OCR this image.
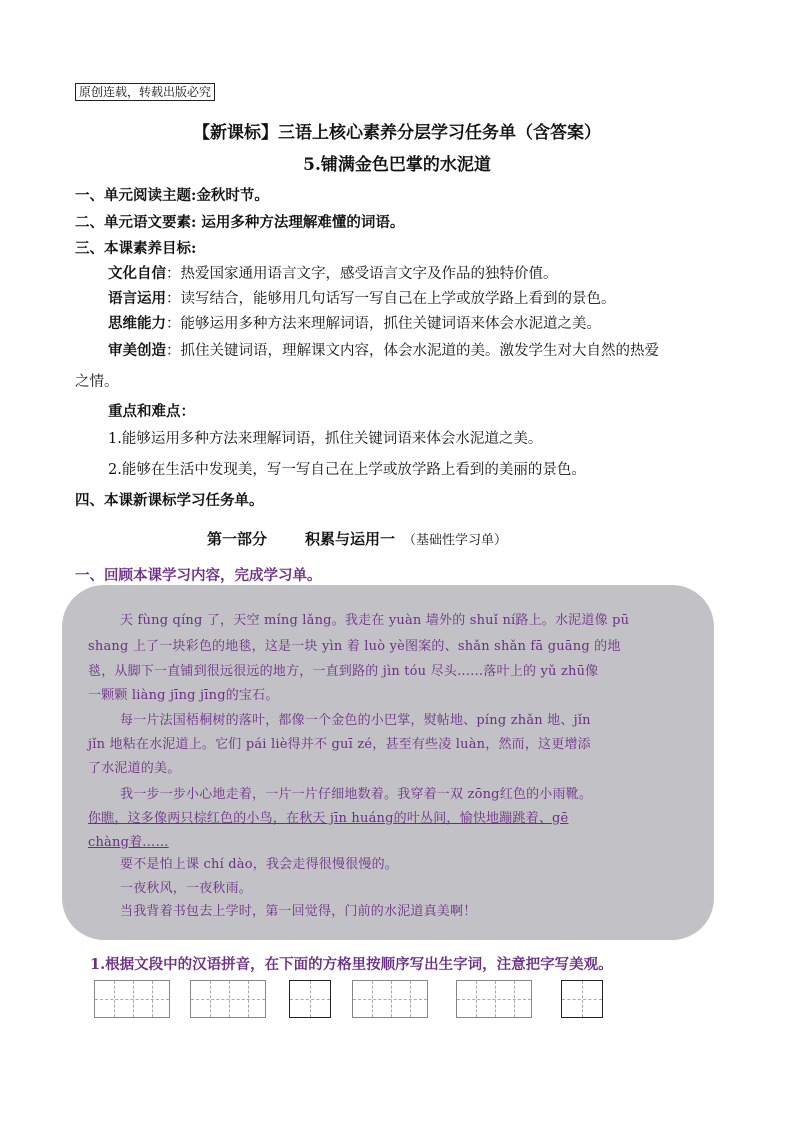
原创连载，转载出版必究
【新课标】三语上核心素养分层学习任务单（含答案）
5.铺满金色巴掌的水泥道
一、单元阅读主题:金秋时节。
二、单元语文要素: 运用多种方法理解难懂的词语。
三、本课素养目标:
文化自信：热爱国家通用语言文字，感受语言文字及作品的独特价值。
语言运用：读写结合，能够用几句话写一写自己在上学或放学路上看到的景色。
思维能力：能够运用多种方法来理解词语，抓住关键词语来体会水泥道之美。
审美创造：抓住关键词语，理解课文内容，体会水泥道的美。激发学生对大自然的热爱
之情。
重点和难点：
1.能够运用多种方法来理解词语，抓住关键词语来体会水泥道之美。
2.能够在生活中发现美，写一写自己在上学或放学路上看到的美丽的景色。
四、本课新课标学习任务单。
第一部分	积累与运用一 （基础性学习单）
一、回顾本课学习内容，完成学习单。

天 fùng qíng 了，天空 míng lǎng。我走在 yuàn 墙外的 shuǐ ní路上。水泥道像 pū

shang 上了一块彩色的地毯，这是一块 yìn 着 luò yè图案的、shǎn shǎn fā guāng 的地

毯，从脚下一直铺到很远很远的地方，一直到路的 jìn tóu 尽头……落叶上的 yǔ zhū像

一颗颗 liàng jīng jīng的宝石。

每一片法国梧桐树的落叶，都像一个金色的小巴掌，熨帖地、píng zhǎn 地、jǐn

jǐn 地粘在水泥道上。它们 pái liè得并不 guī zé，甚至有些凌 luàn，然而，这更增添

了水泥道的美。

我一步一步小心地走着，一片一片仔细地数着。我穿着一双 zōng红色的小雨靴。

你瞧，这多像两只棕红色的小鸟，在秋天 jīn huáng的叶丛间，愉快地蹦跳着、gē

chàng着……

要不是怕上课 chí dào，我会走得很慢很慢的。

一夜秋风，一夜秋雨。

当我背着书包去上学时，第一回觉得，门前的水泥道真美啊！

1.根据文段中的汉语拼音，在下面的方格里按顺序写出生字词，注意把字写美观。
